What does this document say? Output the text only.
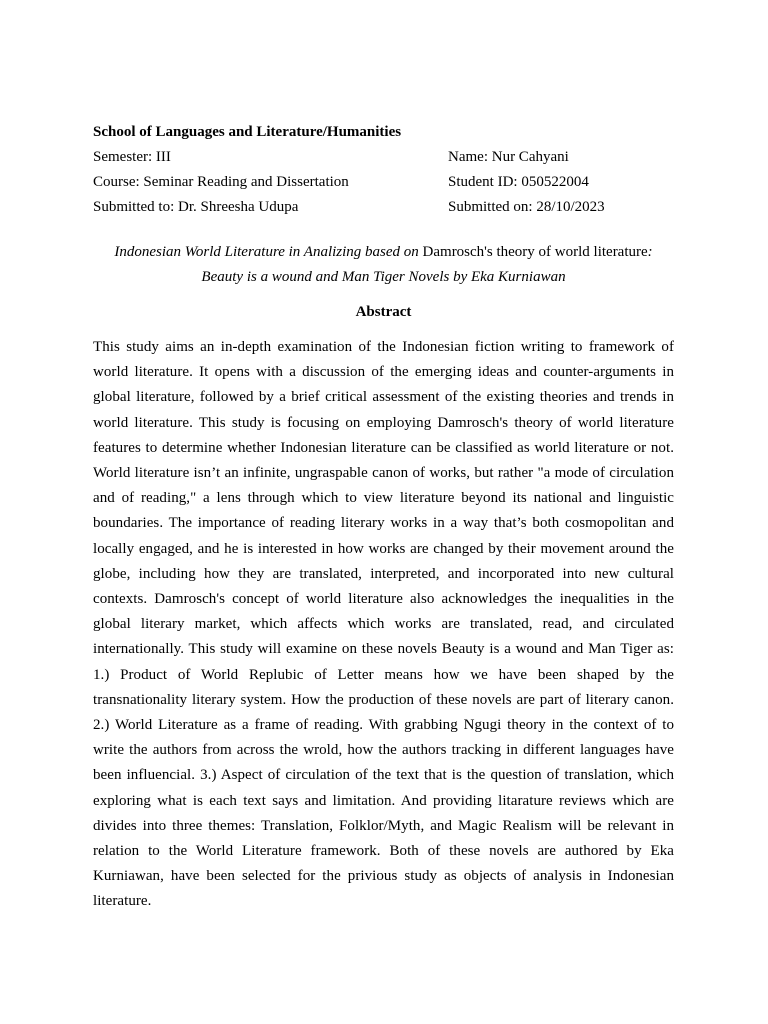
School of Languages and Literature/Humanities
Semester: III	Name: Nur Cahyani
Course: Seminar Reading and Dissertation	Student ID: 050522004
Submitted to: Dr. Shreesha Udupa	Submitted on: 28/10/2023
Indonesian World Literature in Analizing based on Damrosch's theory of world literature:
Beauty is a wound and Man Tiger Novels by Eka Kurniawan
Abstract
This study aims an in-depth examination of the Indonesian fiction writing to framework of world literature. It opens with a discussion of the emerging ideas and counter-arguments in global literature, followed by a brief critical assessment of the existing theories and trends in world literature. This study is focusing on employing Damrosch's theory of world literature features to determine whether Indonesian literature can be classified as world literature or not. World literature isn’t an infinite, ungraspable canon of works, but rather "a mode of circulation and of reading," a lens through which to view literature beyond its national and linguistic boundaries. The importance of reading literary works in a way that’s both cosmopolitan and locally engaged, and he is interested in how works are changed by their movement around the globe, including how they are translated, interpreted, and incorporated into new cultural contexts. Damrosch's concept of world literature also acknowledges the inequalities in the global literary market, which affects which works are translated, read, and circulated internationally. This study will examine on these novels Beauty is a wound and Man Tiger as: 1.) Product of World Replubic of Letter means how we have been shaped by the transnationality literary system. How the production of these novels are part of literary canon. 2.) World Literature as a frame of reading. With grabbing Ngugi theory in the context of to write the authors from across the wrold, how the authors tracking in different languages have been influencial. 3.) Aspect of circulation of the text that is the question of translation, which exploring what is each text says and limitation. And providing litarature reviews which are divides into three themes: Translation, Folklor/Myth, and Magic Realism will be relevant in relation to the World Literature framework. Both of these novels are authored by Eka Kurniawan, have been selected for the privious study as objects of analysis in Indonesian literature.
